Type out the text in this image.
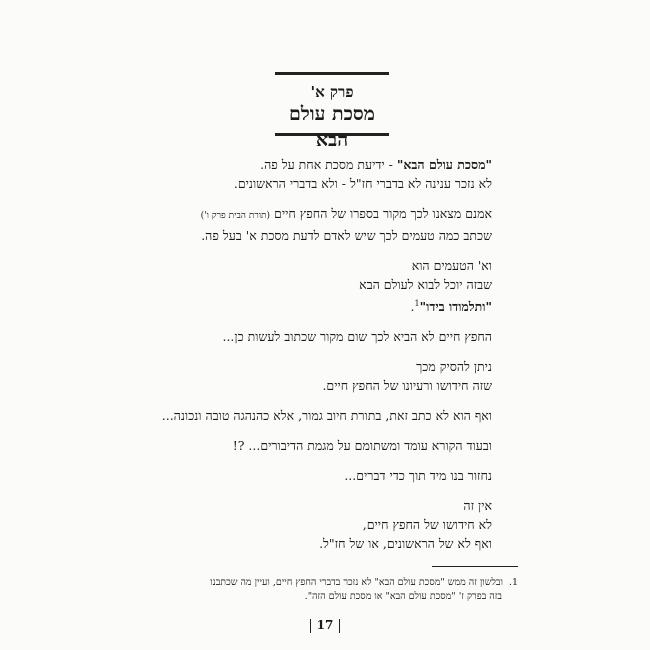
פרק א'
מסכת עולם הבא
"מסכת עולם הבא" - ידיעת מסכת אחת על פה.
לא נזכר ענינה לא בדברי חז"ל - ולא בדברי הראשונים.
אמנם מצאנו לכך מקור בספרו של החפץ חיים (תורת הבית פרק ו')
שכתב כמה טעמים לכך שיש לאדם לדעת מסכת א' בעל פה.
וא' הטעמים הוא
שבזה יוכל לבוא לעולם הבא
"ותלמודו בידו"$^1$.
החפץ חיים לא הביא לכך שום מקור שכתוב לעשות כן...
ניתן להסיק מכך
שזה חידושו ורעיונו של החפץ חיים.
ואף הוא לא כתב זאת, בתורת חיוב גמור, אלא כהנהגה טובה ונכונה...
ובעוד הקורא עומד ומשתומם על מגמת הדיבורים... ?!
נחזור בנו מיד תוך כדי דברים...
אין זה
לא חידושו של החפץ חיים,
ואף לא של הראשונים, או של חז"ל.
1.ובלשון זה ממש "מסכת עולם הבא" לא נזכר בדברי החפץ חיים, ועיין מה שכתבנו
בזה בפרק ז' "מסכת עולם הבא" או מסכת עולם הזה".
17
